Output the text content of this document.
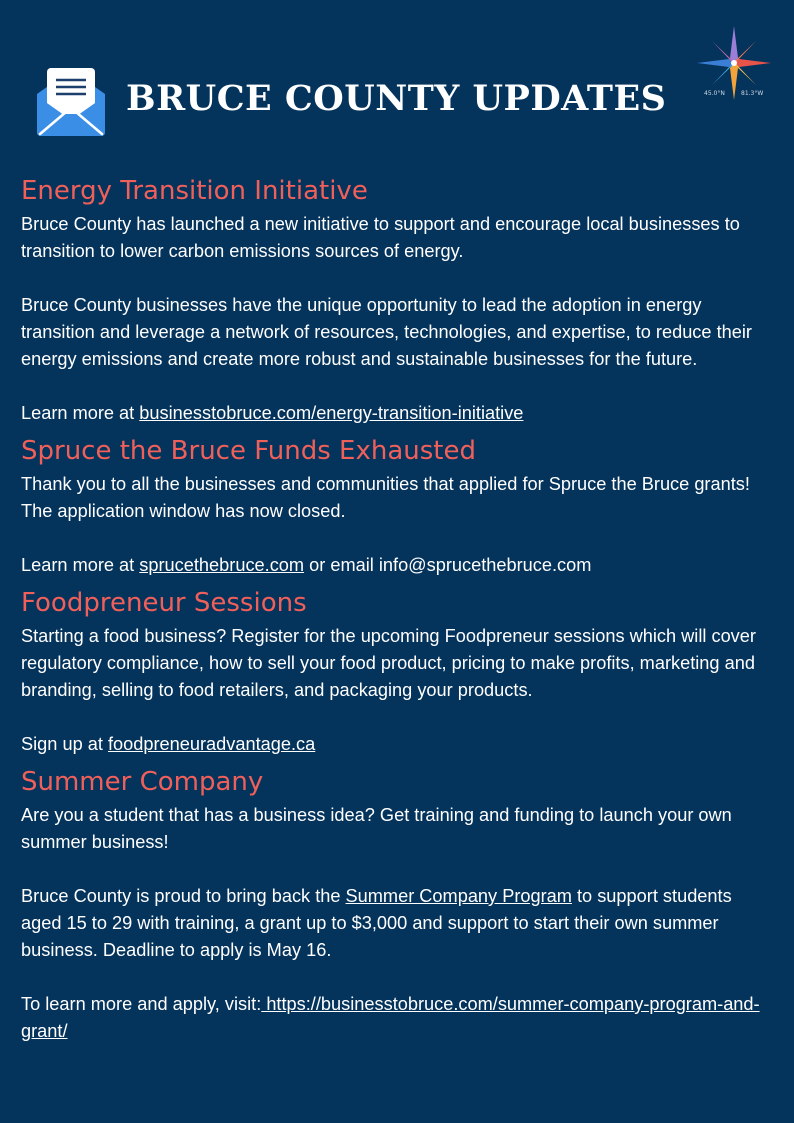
BRUCE COUNTY UPDATES	45.0°N	81.3°W
Energy Transition Initiative

Bruce County has launched a new initiative to support and encourage local businesses to transition to lower carbon emissions sources of energy.

Bruce County businesses have the unique opportunity to lead the adoption in energy transition and leverage a network of resources, technologies, and expertise, to reduce their energy emissions and create more robust and sustainable businesses for the future.

Learn more at businesstobruce.com/energy-transition-initiative

Spruce the Bruce Funds Exhausted

Thank you to all the businesses and communities that applied for Spruce the Bruce grants! The application window has now closed.

Learn more at sprucethebruce.com or email info@sprucethebruce.com

Foodpreneur Sessions

Starting a food business? Register for the upcoming Foodpreneur sessions which will cover regulatory compliance, how to sell your food product, pricing to make profits, marketing and branding, selling to food retailers, and packaging your products.

Sign up at foodpreneuradvantage.ca

Summer Company

Are you a student that has a business idea? Get training and funding to launch your own summer business!

Bruce County is proud to bring back the Summer Company Program to support students aged 15 to 29 with training, a grant up to $3,000 and support to start their own summer business. Deadline to apply is May 16.

To learn more and apply, visit: https://businesstobruce.com/summer-company-program-and-grant/
